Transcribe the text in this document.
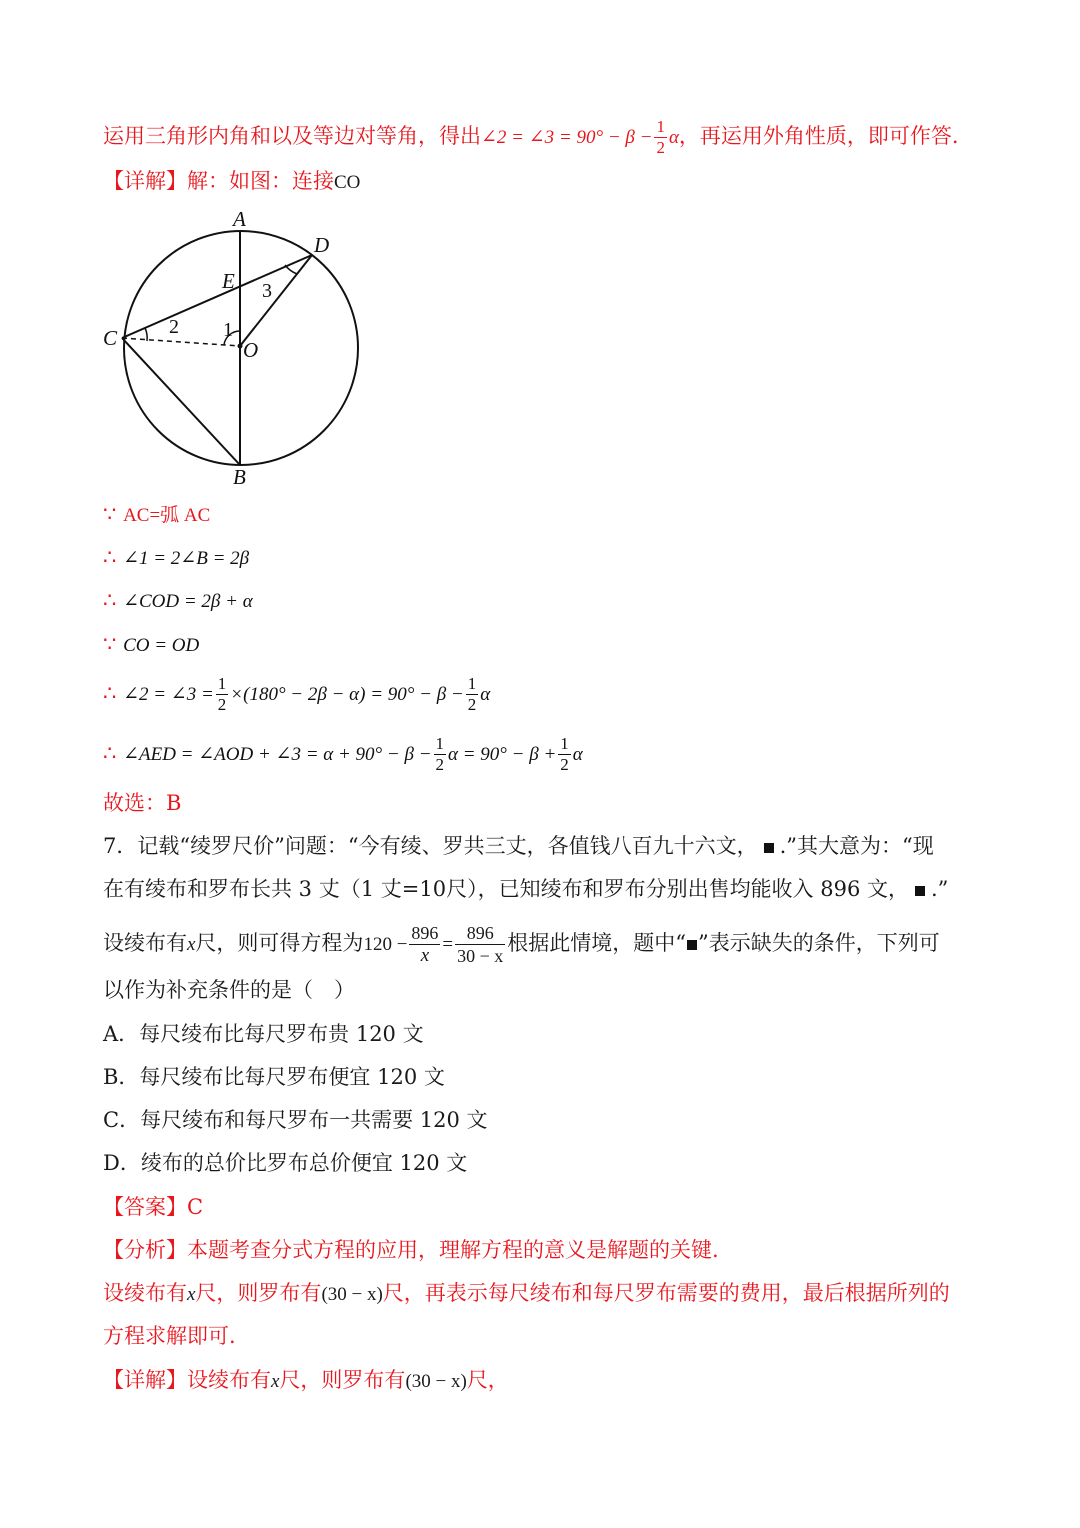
运用三角形内角和以及等边对等角，得出∠2 = ∠3 = $90^\circ - \beta - \frac{1}{2}$ α，再运用外角性质，即可作答.
【详解】解：如图：连接CO
A
D
E
C	O
B
1
2
3
∵ AC=弧 AC
∴ ∠1 = 2∠B = 2β
∴ ∠COD = 2β + α
∵ CO = OD
∴ ∠2 = ∠3 = $\frac{1}{2} \times(180^\circ - 2\beta - \alpha) = 90^\circ - \beta - \frac{1}{2}$ α
∴ ∠AED = ∠AOD + ∠3 = $\alpha + 90^\circ - \beta - \frac{1}{2}$ $\alpha = 90^\circ - \beta + \frac{1}{2}$ α
故选：B
7．记载“绫罗尺价”问题：“今有绫、罗共三丈，各值钱八百九十六文， .”其大意为：“现
在有绫布和罗布长共 3 丈（1 丈=10尺），已知绫布和罗布分别出售均能收入 896 文， .”
设绫布有x尺，则可得方程为$120 - \frac{896}{x} = \frac{896}{30 - x}$ 根据此情境，题中“ ”表示缺失的条件，下列可
以作为补充条件的是（　）
A．每尺绫布比每尺罗布贵 120 文
B．每尺绫布比每尺罗布便宜 120 文
C．每尺绫布和每尺罗布一共需要 120 文
D．绫布的总价比罗布总价便宜 120 文
【答案】C
【分析】本题考查分式方程的应用，理解方程的意义是解题的关键.
设绫布有x尺，则罗布有(30 − x)尺，再表示每尺绫布和每尺罗布需要的费用，最后根据所列的
方程求解即可.
【详解】设绫布有x尺，则罗布有(30 − x)尺，
